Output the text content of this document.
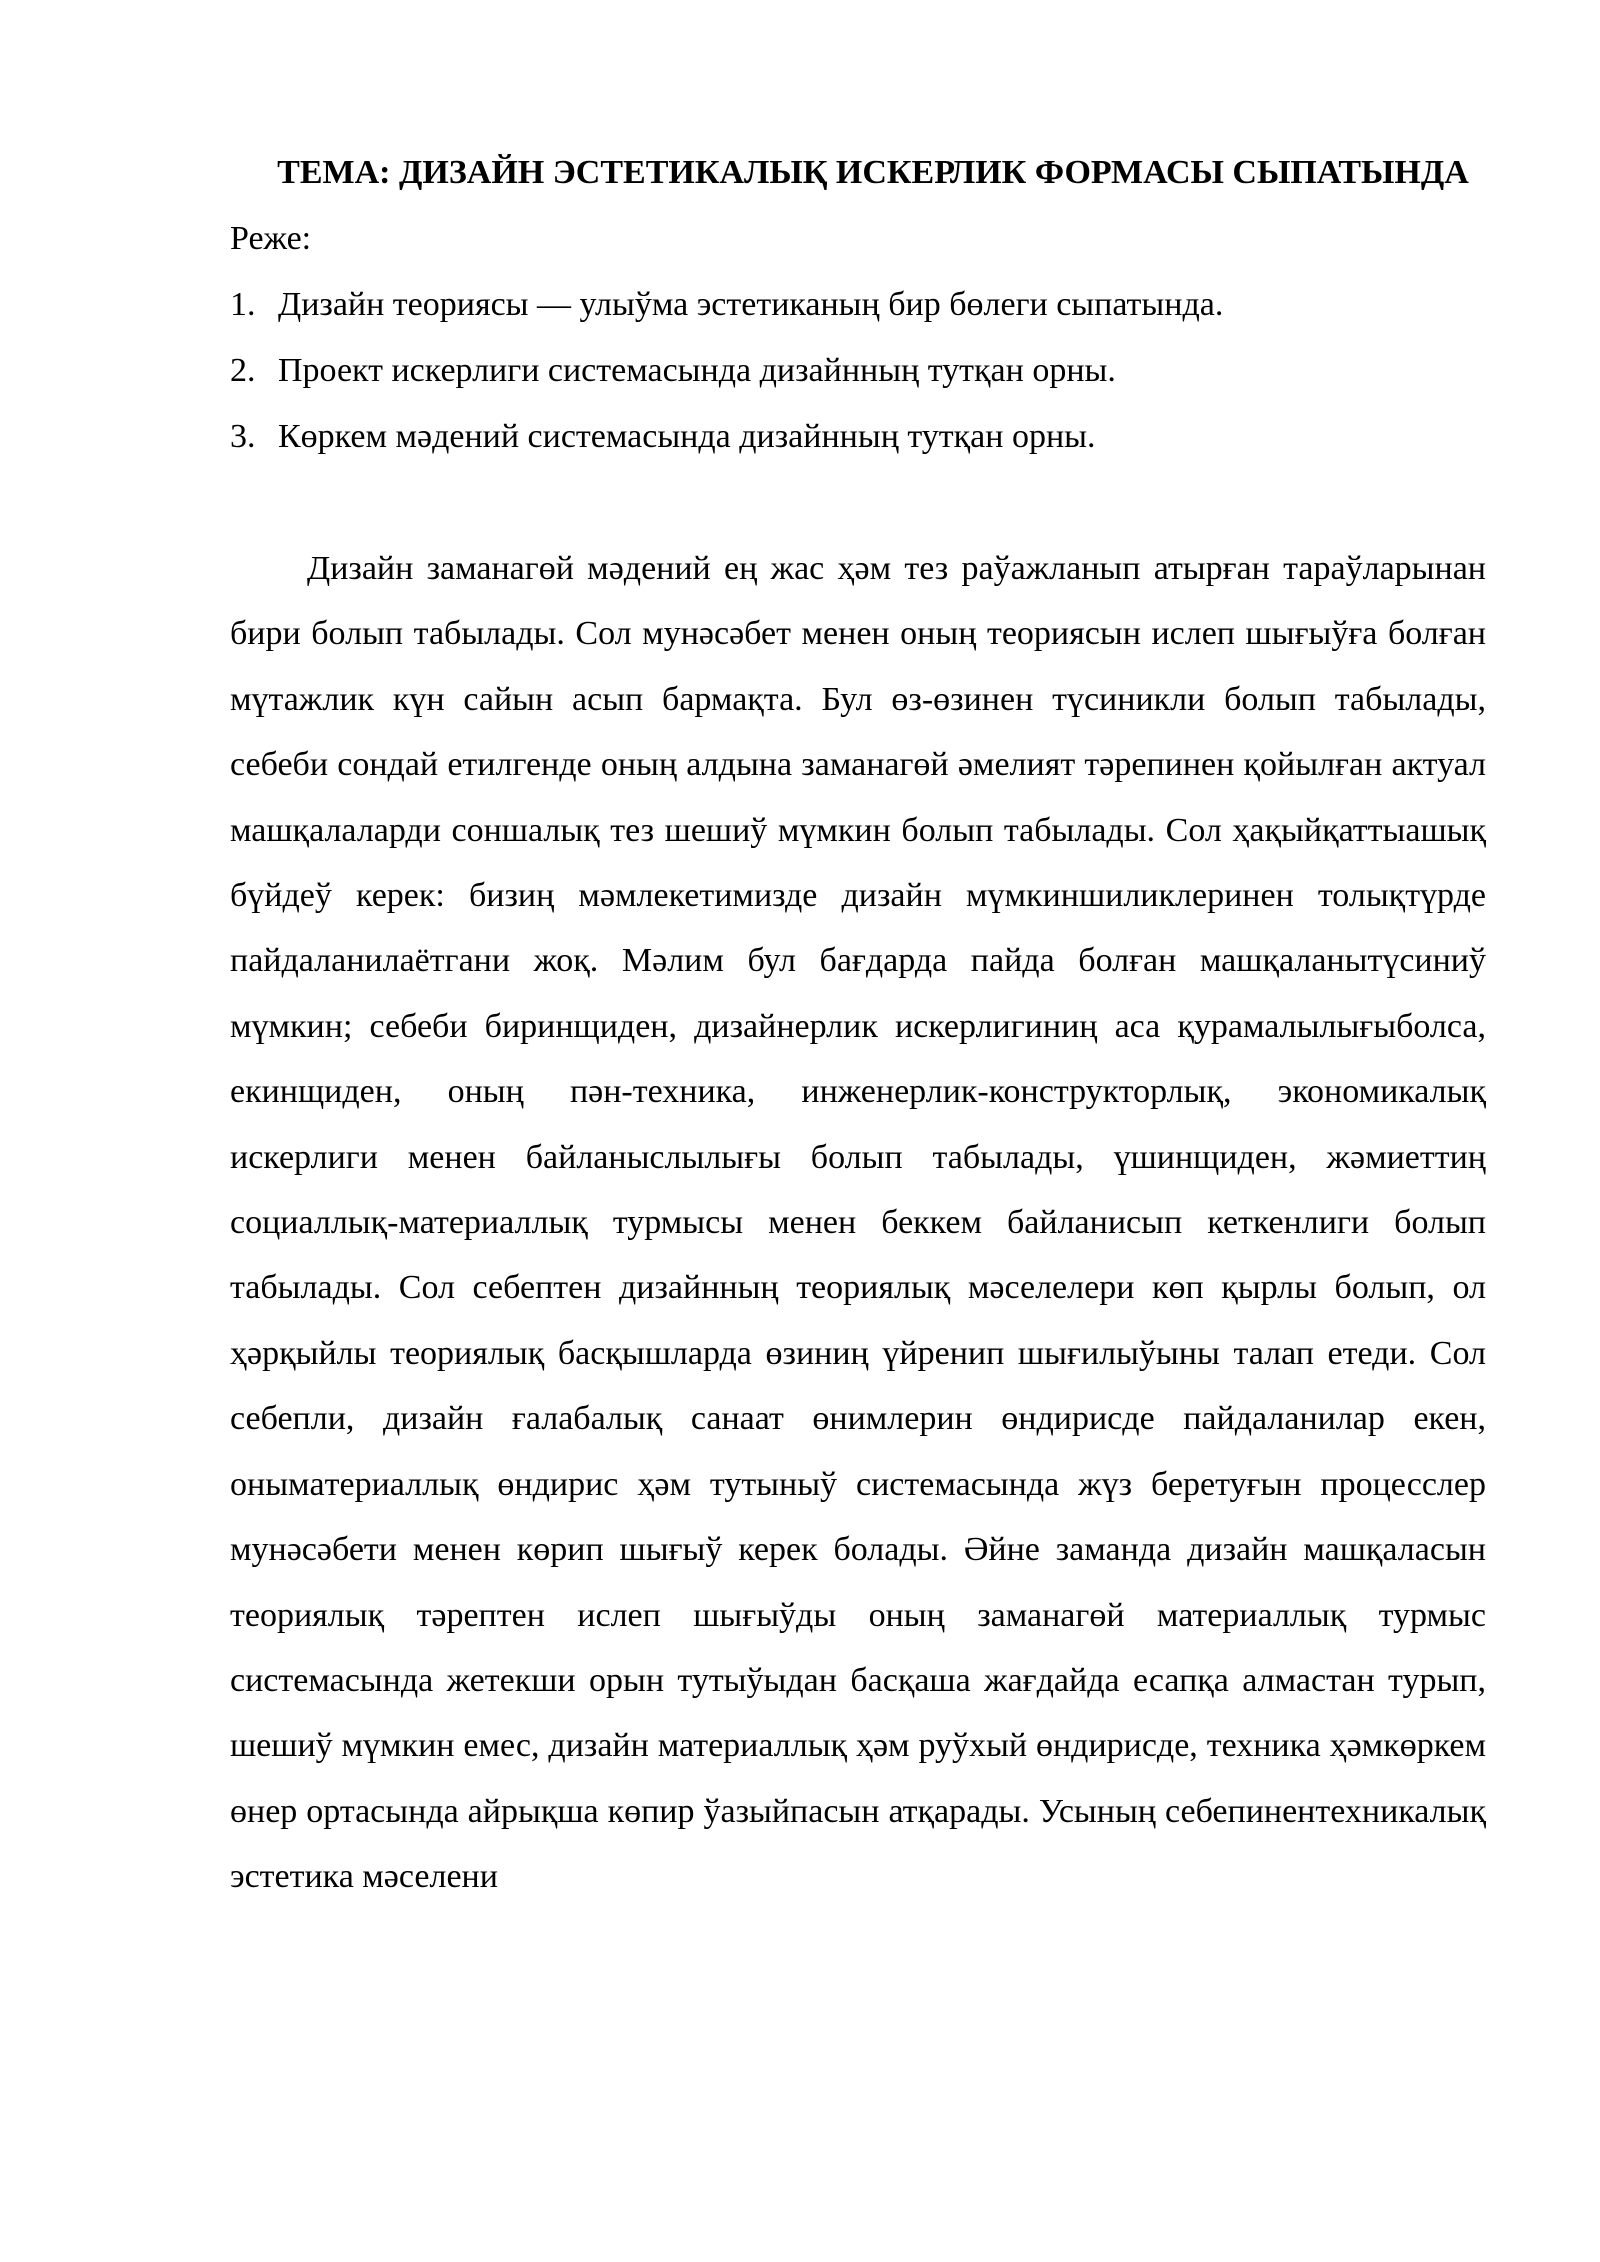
ТЕМА: ДИЗАЙН ЭСТЕТИКАЛЫҚ ИСКЕРЛИК ФОРМАСЫ СЫПАТЫНДА

Реже:

1. Дизайн теориясы — улыўма эстетиканың бир бөлеги сыпатында.
2. Проект искерлиги системасында дизайнның тутқан орны.
3. Көркем мәдений системасында дизайнның тутқан орны.

Дизайн заманагөй мәдений ең жас ҳәм тез раўажланып атырған тараўларынан бири болып табылады. Сол мунәсәбет менен оның теориясын ислеп шығыўға болған мүтажлик күн сайын асып бармақта. Бул өз-өзинен түсиникли болып табылады, себеби сондай етилгенде оның алдына заманагөй әмелият тәрепинен қойылған актуал машқалаларди соншалық тез шешиў мүмкин болып табылады. Сол ҳақыйқаттыашық бүйдеў керек: бизиң мәмлекетимизде дизайн мүмкиншиликлеринен толықтүрде пайдаланилаётгани жоқ. Мәлим бул бағдарда пайда болған машқаланытүсиниў мүмкин; себеби биринщиден, дизайнерлик искерлигиниң аса қурамалылығыболса, екинщиден, оның пән-техника, инженерлик-конструкторлық, экономикалық искерлиги менен байланыслылығы болып табылады, үшинщиден, жәмиеттиң социаллық-материаллық турмысы менен беккем байланисып кеткенлиги болып табылады. Сол себептен дизайнның теориялық мәселелери көп қырлы болып, ол ҳәрқыйлы теориялық басқышларда өзиниң үйренип шығилыўыны талап етеди. Сол себепли, дизайн ғалабалық санаат өнимлерин өндирисде пайдаланилар екен, онымaтериаллық өндирис ҳәм тутыныў системасында жүз беретуғын процесслер мунәсәбети менен көрип шығыў керек болады. Әйне заманда дизайн машқаласын теориялық тәрептен ислеп шығыўды оның заманагөй материаллық турмыс системасында жетекши орын тутыўыдан басқаша жағдайда есапқа алмастан турып, шешиў мүмкин емес, дизайн материаллық ҳәм руўхый өндирисде, техника ҳәмкөркем өнер ортасында айрықша көпир ўазыйпасын атқарады. Усының себепинентехникалық эстетика мәселени
